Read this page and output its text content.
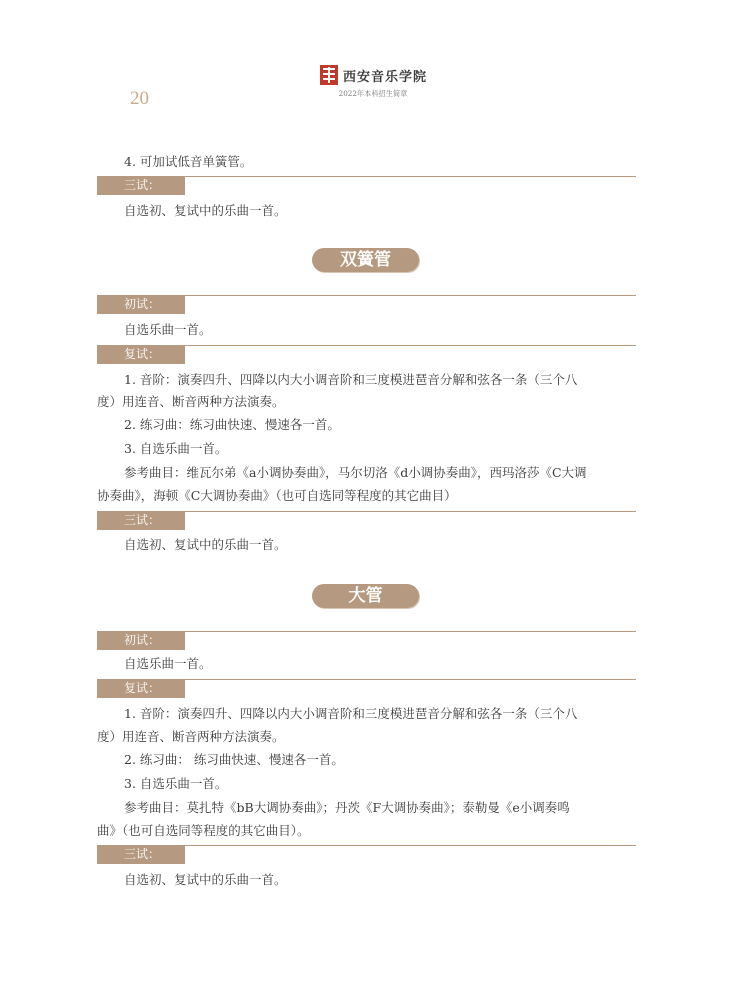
20
西安音乐学院
2022年本科招生简章
4. 可加试低音单簧管。
三试：
自选初、复试中的乐曲一首。
双簧管
初试：
自选乐曲一首。
复试：
1. 音阶：演奏四升、四降以内大小调音阶和三度模进琶音分解和弦各一条（三个八
度）用连音、断音两种方法演奏。
2. 练习曲：练习曲快速、慢速各一首。
3. 自选乐曲一首。
参考曲目：维瓦尔弟《a小调协奏曲》，马尔切洛《d小调协奏曲》，西玛洛莎《C大调
协奏曲》，海顿《C大调协奏曲》（也可自选同等程度的其它曲目）
三试：
自选初、复试中的乐曲一首。
大管
初试：
自选乐曲一首。
复试：
1. 音阶：演奏四升、四降以内大小调音阶和三度模进琶音分解和弦各一条（三个八
度）用连音、断音两种方法演奏。
2. 练习曲： 练习曲快速、慢速各一首。
3. 自选乐曲一首。
参考曲目：莫扎特《bB大调协奏曲》；丹茨《F大调协奏曲》；泰勒曼《e小调奏鸣
曲》（也可自选同等程度的其它曲目）。
三试：
自选初、复试中的乐曲一首。
